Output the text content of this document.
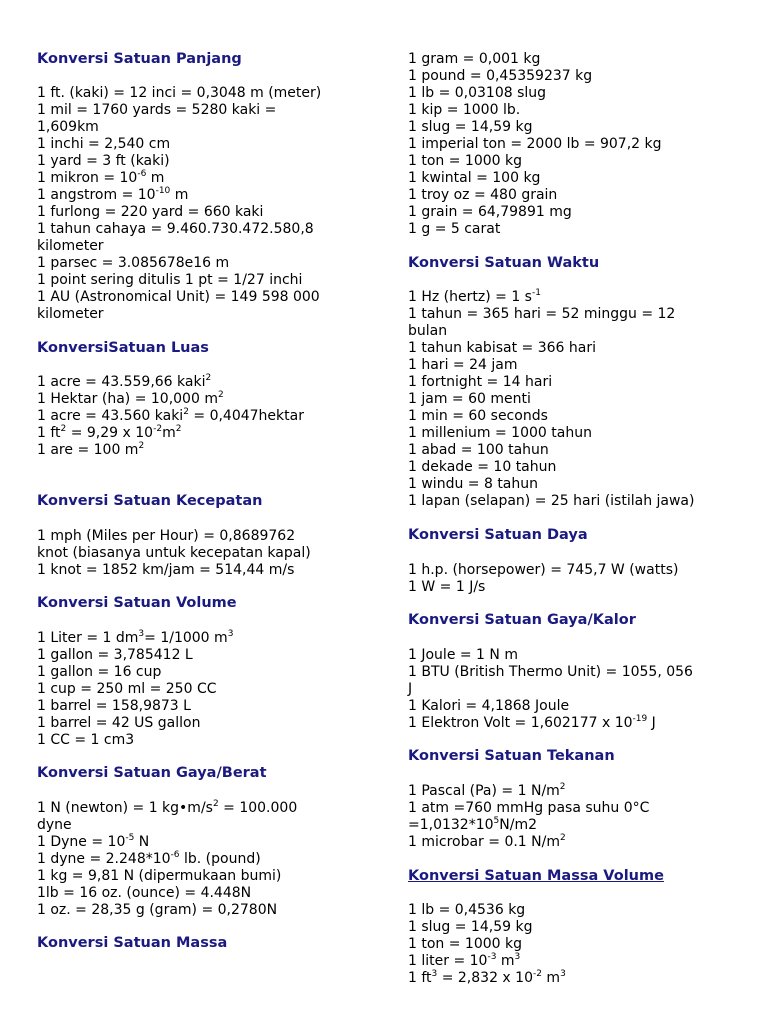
Konversi Satuan Panjang
1 ft. (kaki) = 12 inci = 0,3048 m (meter)
1 mil = 1760 yards = 5280 kaki =
1,609km
1 inchi = 2,540 cm
1 yard = 3 ft (kaki)
1 mikron = $10^{-6}$ m
1 angstrom = $10^{-10}$ m
1 furlong = 220 yard = 660 kaki
1 tahun cahaya = 9.460.730.472.580,8
kilometer
1 parsec = 3.085678e16 m
1 point sering ditulis 1 pt = 1/27 inchi
1 AU (Astronomical Unit) = 149 598 000
kilometer
KonversiSatuan Luas
1 acre = 43.559,66 kaki$^2$
1 Hektar (ha) = 10,000 $m^2$
1 acre = 43.560 kaki$^2$ = 0,4047hektar
1 $ft^2 = 9,29$ x $10^{-2}m^2$
1 are = 100 $m^2$
Konversi Satuan Kecepatan
1 mph (Miles per Hour) = 0,8689762
knot (biasanya untuk kecepatan kapal)
1 knot = 1852 km/jam = 514,44 m/s
Konversi Satuan Volume
1 Liter = 1 $dm^3= 1/1000$ $m^3$
1 gallon = 3,785412 L
1 gallon = 16 cup
1 cup = 250 ml = 250 CC
1 barrel = 158,9873 L
1 barrel = 42 US gallon
1 CC = 1 cm3
Konversi Satuan Gaya/Berat
1 N (newton) = 1 $kg•m/s^2 = 100.000$
dyne
1 Dyne = $10^{-5}$ N
1 dyne = $2.248*10^{-6}$ lb. (pound)
1 kg = 9,81 N (dipermukaan bumi)
1lb = 16 oz. (ounce) = 4.448N
1 oz. = 28,35 g (gram) = 0,2780N
Konversi Satuan Massa
1 gram = 0,001 kg
1 pound = 0,45359237 kg
1 lb = 0,03108 slug
1 kip = 1000 lb.
1 slug = 14,59 kg
1 imperial ton = 2000 lb = 907,2 kg
1 ton = 1000 kg
1 kwintal = 100 kg
1 troy oz = 480 grain
1 grain = 64,79891 mg
1 g = 5 carat
Konversi Satuan Waktu
1 Hz (hertz) = 1 $s^{-1}$
1 tahun = 365 hari = 52 minggu = 12
bulan
1 tahun kabisat = 366 hari
1 hari = 24 jam
1 fortnight = 14 hari
1 jam = 60 menti
1 min = 60 seconds
1 millenium = 1000 tahun
1 abad = 100 tahun
1 dekade = 10 tahun
1 windu = 8 tahun
1 lapan (selapan) = 25 hari (istilah jawa)
Konversi Satuan Daya
1 h.p. (horsepower) = 745,7 W (watts)
1 W = 1 J/s
Konversi Satuan Gaya/Kalor
1 Joule = 1 N m
1 BTU (British Thermo Unit) = 1055, 056
J
1 Kalori = 4,1868 Joule
1 Elektron Volt = 1,602177 x $10^{-19}$ J
Konversi Satuan Tekanan
1 Pascal (Pa) = 1 $N/m^2$
1 atm =760 mmHg pasa suhu 0°C
$=1,0132*10^5N/m2$
1 microbar = 0.1 $N/m^2$
Konversi Satuan Massa Volume
1 lb = 0,4536 kg
1 slug = 14,59 kg
1 ton = 1000 kg
1 liter = $10^{-3}$ $m^3$
1 $ft^3 = 2,832$ x $10^{-2}$ $m^3$
